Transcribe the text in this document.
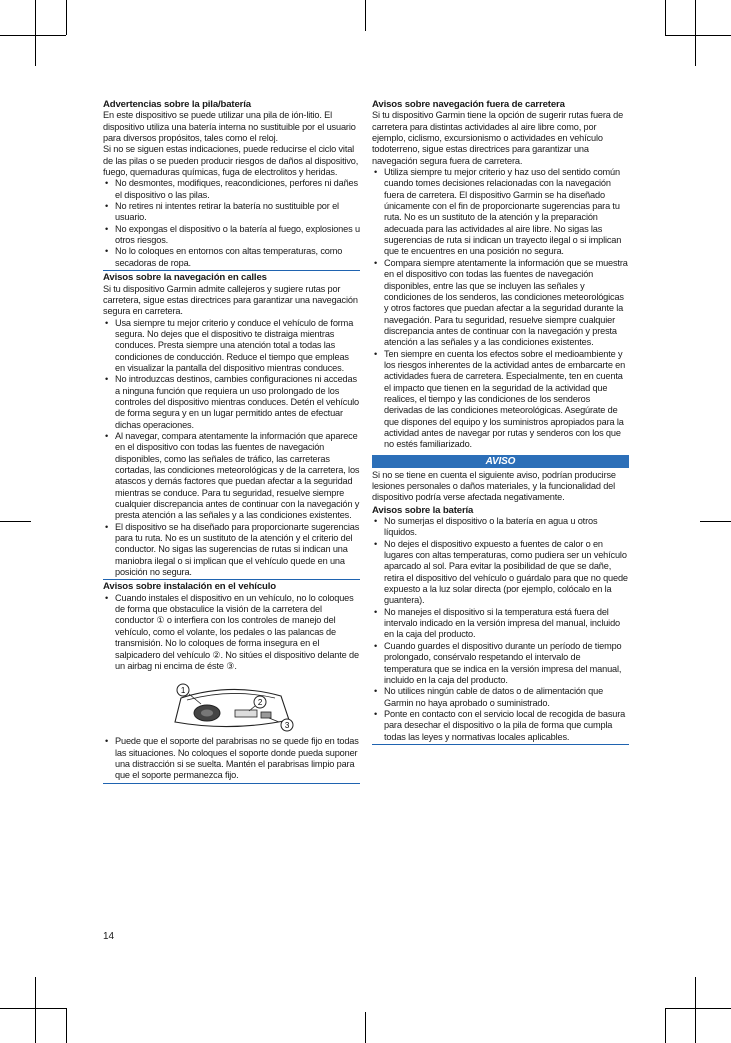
Advertencias sobre la pila/batería

En este dispositivo se puede utilizar una pila de ión-litio. El dispositivo utiliza una batería interna no sustituible por el usuario para diversos propósitos, tales como el reloj.

Si no se siguen estas indicaciones, puede reducirse el ciclo vital de las pilas o se pueden producir riesgos de daños al dispositivo, fuego, quemaduras químicas, fuga de electrolitos y heridas.

• No desmontes, modifiques, reacondiciones, perfores ni dañes el dispositivo o las pilas.
• No retires ni intentes retirar la batería no sustituible por el usuario.
• No expongas el dispositivo o la batería al fuego, explosiones u otros riesgos.
• No lo coloques en entornos con altas temperaturas, como secadoras de ropa.
Avisos sobre la navegación en calles

Si tu dispositivo Garmin admite callejeros y sugiere rutas por carretera, sigue estas directrices para garantizar una navegación segura en carretera.

• Usa siempre tu mejor criterio y conduce el vehículo de forma segura. No dejes que el dispositivo te distraiga mientras conduces. Presta siempre una atención total a todas las condiciones de conducción. Reduce el tiempo que empleas en visualizar la pantalla del dispositivo mientras conduces.
• No introduzcas destinos, cambies configuraciones ni accedas a ninguna función que requiera un uso prolongado de los controles del dispositivo mientras conduces. Detén el vehículo de forma segura y en un lugar permitido antes de efectuar dichas operaciones.
• Al navegar, compara atentamente la información que aparece en el dispositivo con todas las fuentes de navegación disponibles, como las señales de tráfico, las carreteras cortadas, las condiciones meteorológicas y de la carretera, los atascos y demás factores que puedan afectar a la seguridad mientras se conduce. Para tu seguridad, resuelve siempre cualquier discrepancia antes de continuar con la navegación y presta atención a las señales y a las condiciones existentes.
• El dispositivo se ha diseñado para proporcionarte sugerencias para tu ruta. No es un sustituto de la atención y el criterio del conductor. No sigas las sugerencias de rutas si indican una maniobra ilegal o si implican que el vehículo quede en una posición no segura.
Avisos sobre instalación en el vehículo
• Cuando instales el dispositivo en un vehículo, no lo coloques de forma que obstaculice la visión de la carretera del conductor ① o interfiera con los controles de manejo del vehículo, como el volante, los pedales o las palancas de transmisión. No lo coloques de forma insegura en el salpicadero del vehículo ②. No sitúes el dispositivo delante de un airbag ni encima de éste ③.
1
2
3
• Puede que el soporte del parabrisas no se quede fijo en todas las situaciones. No coloques el soporte donde pueda suponer una distracción si se suelta. Mantén el parabrisas limpio para que el soporte permanezca fijo.
Avisos sobre navegación fuera de carretera

Si tu dispositivo Garmin tiene la opción de sugerir rutas fuera de carretera para distintas actividades al aire libre como, por ejemplo, ciclismo, excursionismo o actividades en vehículo todoterreno, sigue estas directrices para garantizar una navegación segura fuera de carretera.

• Utiliza siempre tu mejor criterio y haz uso del sentido común cuando tomes decisiones relacionadas con la navegación fuera de carretera. El dispositivo Garmin se ha diseñado únicamente con el fin de proporcionarte sugerencias para tu ruta. No es un sustituto de la atención y la preparación adecuada para las actividades al aire libre. No sigas las sugerencias de ruta si indican un trayecto ilegal o si implican que te encuentres en una posición no segura.
• Compara siempre atentamente la información que se muestra en el dispositivo con todas las fuentes de navegación disponibles, entre las que se incluyen las señales y condiciones de los senderos, las condiciones meteorológicas y otros factores que puedan afectar a la seguridad durante la navegación. Para tu seguridad, resuelve siempre cualquier discrepancia antes de continuar con la navegación y presta atención a las señales y a las condiciones existentes.
• Ten siempre en cuenta los efectos sobre el medioambiente y los riesgos inherentes de la actividad antes de embarcarte en actividades fuera de carretera. Especialmente, ten en cuenta el impacto que tienen en la seguridad de la actividad que realices, el tiempo y las condiciones de los senderos derivadas de las condiciones meteorológicas. Asegúrate de que dispones del equipo y los suministros apropiados para la actividad antes de navegar por rutas y senderos con los que no estés familiarizado.
AVISO

Si no se tiene en cuenta el siguiente aviso, podrían producirse lesiones personales o daños materiales, y la funcionalidad del dispositivo podría verse afectada negativamente.

Avisos sobre la batería
• No sumerjas el dispositivo o la batería en agua u otros líquidos.
• No dejes el dispositivo expuesto a fuentes de calor o en lugares con altas temperaturas, como pudiera ser un vehículo aparcado al sol. Para evitar la posibilidad de que se dañe, retira el dispositivo del vehículo o guárdalo para que no quede expuesto a la luz solar directa (por ejemplo, colócalo en la guantera).
• No manejes el dispositivo si la temperatura está fuera del intervalo indicado en la versión impresa del manual, incluido en la caja del producto.
• Cuando guardes el dispositivo durante un período de tiempo prolongado, consérvalo respetando el intervalo de temperatura que se indica en la versión impresa del manual, incluido en la caja del producto.
• No utilices ningún cable de datos o de alimentación que Garmin no haya aprobado o suministrado.
• Ponte en contacto con el servicio local de recogida de basura para desechar el dispositivo o la pila de forma que cumpla todas las leyes y normativas locales aplicables.
14
